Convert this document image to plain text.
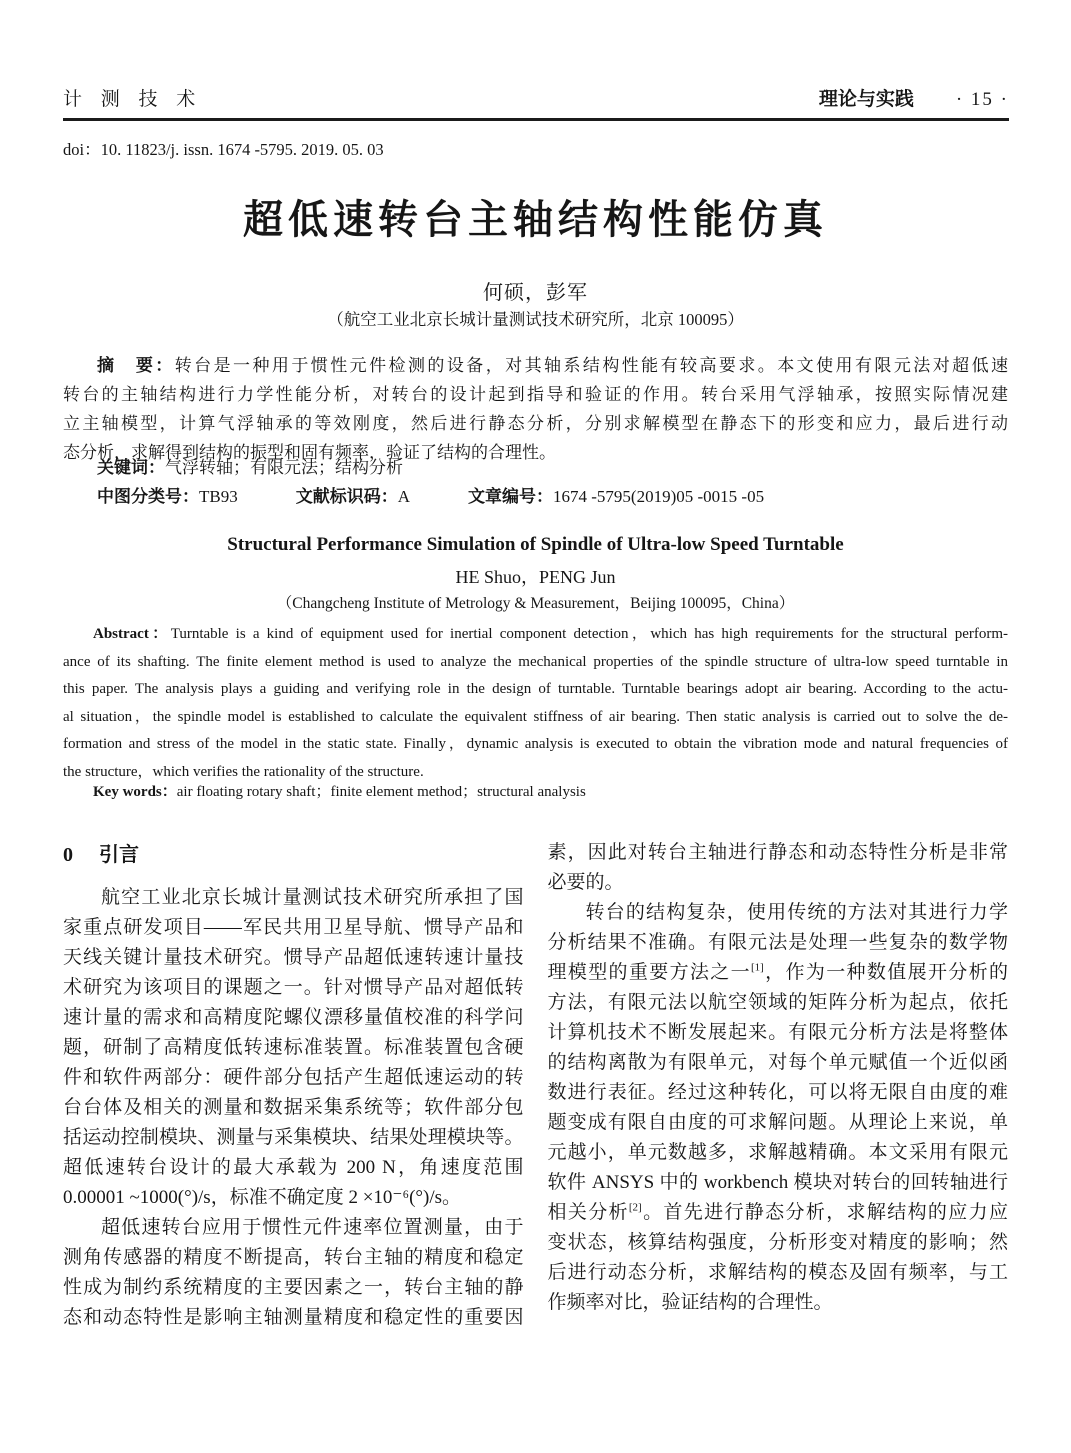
计 测 技 术	理论与实践 · 15 ·
doi：10. 11823/j. issn. 1674 -5795. 2019. 05. 03
超低速转台主轴结构性能仿真
何硕，彭军
（航空工业北京长城计量测试技术研究所，北京 100095）
摘　要：转台是一种用于惯性元件检测的设备，对其轴系结构性能有较高要求。本文使用有限元法对超低速
转台的主轴结构进行力学性能分析，对转台的设计起到指导和验证的作用。转台采用气浮轴承，按照实际情况建
立主轴模型，计算气浮轴承的等效刚度，然后进行静态分析，分别求解模型在静态下的形变和应力，最后进行动
态分析，求解得到结构的振型和固有频率，验证了结构的合理性。
关键词：气浮转轴；有限元法；结构分析
中图分类号：TB93	文献标识码：A	文章编号：1674 -5795(2019)05 -0015 -05
Structural Performance Simulation of Spindle of Ultra-low Speed Turntable
HE Shuo，PENG Jun
（Changcheng Institute of Metrology & Measurement，Beijing 100095，China）
Abstract：Turntable is a kind of equipment used for inertial component detection，which has high requirements for the structural perform-
ance of its shafting. The finite element method is used to analyze the mechanical properties of the spindle structure of ultra-low speed turntable in
this paper. The analysis plays a guiding and verifying role in the design of turntable. Turntable bearings adopt air bearing. According to the actu-
al situation，the spindle model is established to calculate the equivalent stiffness of air bearing. Then static analysis is carried out to solve the de-
formation and stress of the model in the static state. Finally，dynamic analysis is executed to obtain the vibration mode and natural frequencies of
the structure，which verifies the rationality of the structure.
Key words：air floating rotary shaft；finite element method；structural analysis
0 引言
航空工业北京长城计量测试技术研究所承担了国
家重点研发项目——军民共用卫星导航、惯导产品和
天线关键计量技术研究。惯导产品超低速转速计量技
术研究为该项目的课题之一。针对惯导产品对超低转
速计量的需求和高精度陀螺仪漂移量值校准的科学问
题，研制了高精度低转速标准装置。标准装置包含硬
件和软件两部分：硬件部分包括产生超低速运动的转
台台体及相关的测量和数据采集系统等；软件部分包
括运动控制模块、测量与采集模块、结果处理模块等。
超低速转台设计的最大承载为 200 N，角速度范围
0.00001 ~1000(°)/s，标准不确定度 2 ×10⁻⁶(°)/s。
超低速转台应用于惯性元件速率位置测量，由于
测角传感器的精度不断提高，转台主轴的精度和稳定
性成为制约系统精度的主要因素之一，转台主轴的静
态和动态特性是影响主轴测量精度和稳定性的重要因
素，因此对转台主轴进行静态和动态特性分析是非常
必要的。
转台的结构复杂，使用传统的方法对其进行力学
分析结果不准确。有限元法是处理一些复杂的数学物
理模型的重要方法之一[1]，作为一种数值展开分析的
方法，有限元法以航空领域的矩阵分析为起点，依托
计算机技术不断发展起来。有限元分析方法是将整体
的结构离散为有限单元，对每个单元赋值一个近似函
数进行表征。经过这种转化，可以将无限自由度的难
题变成有限自由度的可求解问题。从理论上来说，单
元越小，单元数越多，求解越精确。本文采用有限元
软件 ANSYS 中的 workbench 模块对转台的回转轴进行
相关分析[2]。首先进行静态分析，求解结构的应力应
变状态，核算结构强度，分析形变对精度的影响；然
后进行动态分析，求解结构的模态及固有频率，与工
作频率对比，验证结构的合理性。
